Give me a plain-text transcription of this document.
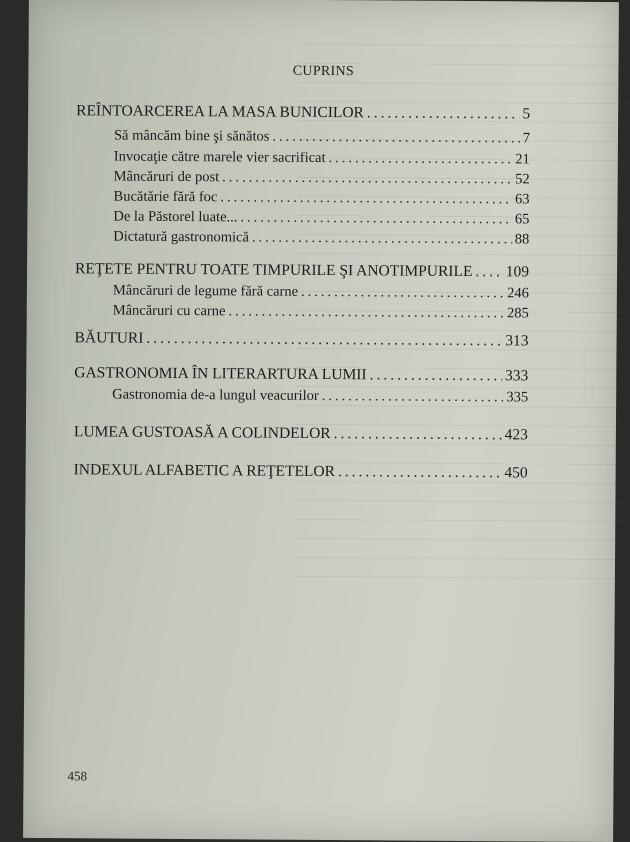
CUPRINS
REÎNTOARCEREA LA MASA BUNICILOR .....	5
Să mâncăm bine şi sănătos .....	7
Invocaţie către marele vier sacrificat .....	21
Mâncăruri de post .....	52
Bucătărie fără foc .....	63
De la Păstorel luate... .....	65
Dictatură gastronomică .....	88
REŢETE PENTRU TOATE TIMPURILE ŞI ANOTIMPURILE ..... 109
Mâncăruri de legume fără carne .....	246
Mâncăruri cu carne .....	285
BĂUTURI .....	313
GASTRONOMIA ÎN LITERARTURA LUMII .....	333
Gastronomia de-a lungul veacurilor .....	335
LUMEA GUSTOASĂ A COLINDELOR .....	423
INDEXUL ALFABETIC A REŢETELOR .....	450
458
